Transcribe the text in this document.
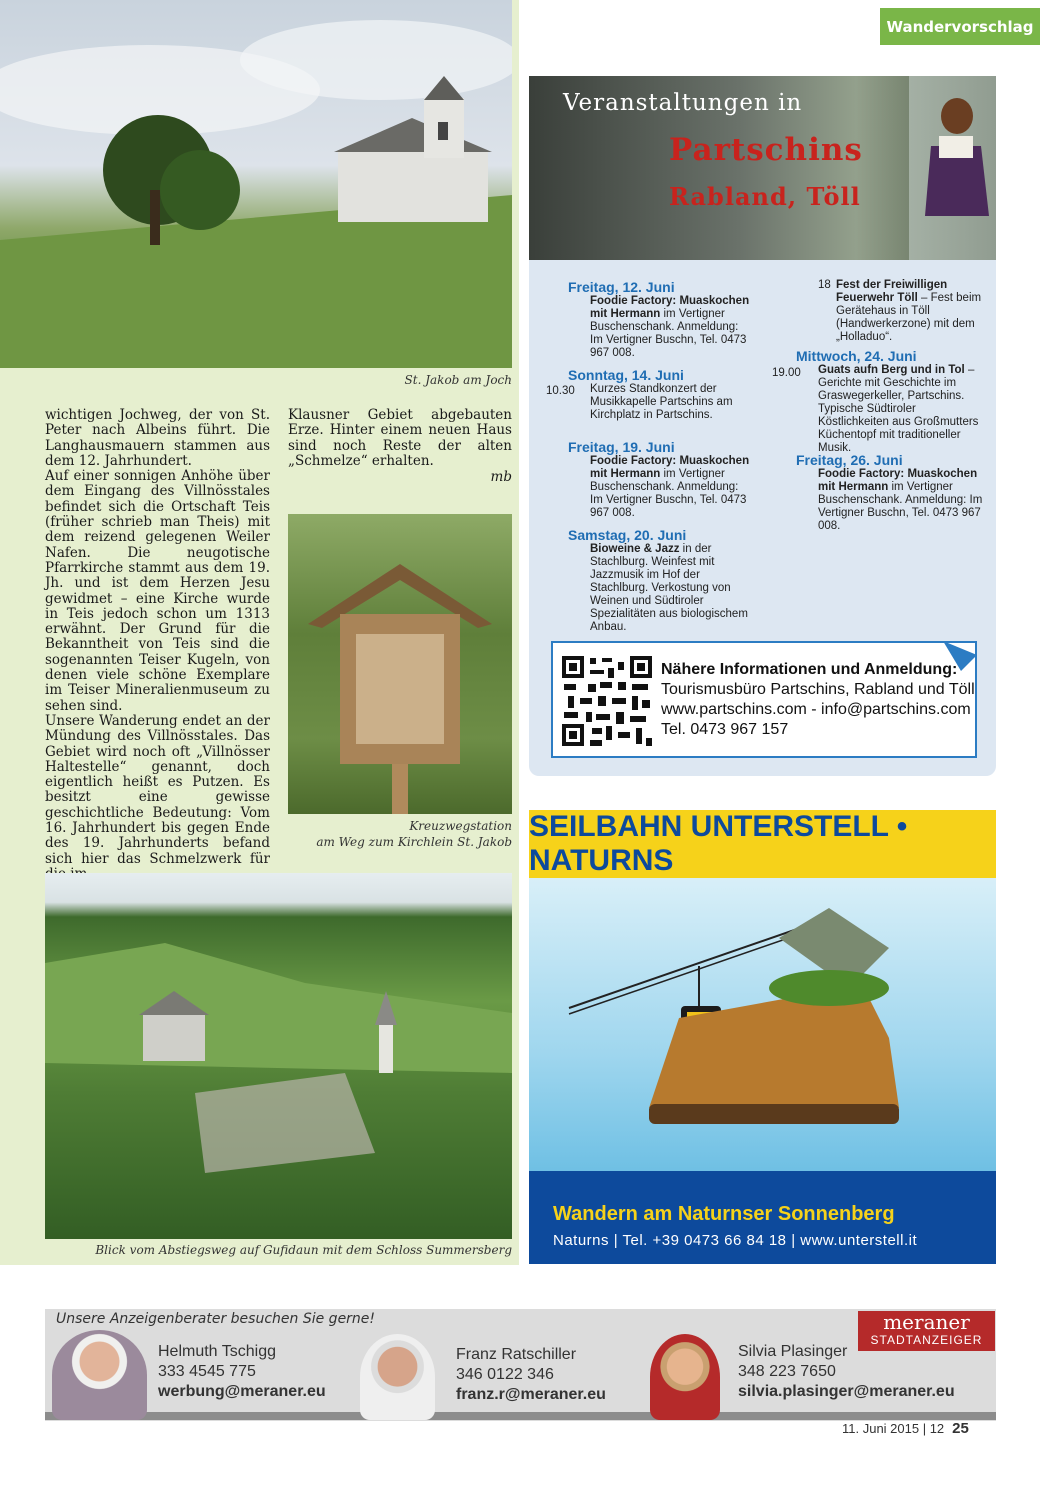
Wandervorschlag
St. Jakob am Joch

wichtigen Jochweg, der von St. Peter nach Albeins führt. Die Langhausmauern stammen aus dem 12. Jahrhundert.

Auf einer sonnigen Anhöhe über dem Eingang des Villnösstales befindet sich die Ortschaft Teis (früher schrieb man Theis) mit dem reizend gelegenen Weiler Nafen. Die neugotische Pfarrkirche stammt aus dem 19. Jh. und ist dem Herzen Jesu gewidmet – eine Kirche wurde in Teis jedoch schon um 1313 erwähnt. Der Grund für die Bekanntheit von Teis sind die sogenannten Teiser Kugeln, von denen viele schöne Exemplare im Teiser Mineralienmuseum zu sehen sind.

Unsere Wanderung endet an der Mündung des Villnösstales. Das Gebiet wird noch oft „Villnösser Haltestelle“ genannt, doch eigentlich heißt es Putzen. Es besitzt eine gewisse geschichtliche Bedeutung: Vom 16. Jahrhundert bis gegen Ende des 19. Jahrhunderts befand sich hier das Schmelzwerk für

Klausner Gebiet abgebauten Erze. Hinter einem neuen Haus sind noch Reste der alten „Schmelze“ erhalten.

mb

Kreuzwegstation
am Weg zum Kirchlein St. Jakob
Blick vom Abstiegsweg auf Gufidaun mit dem Schloss Summersberg
Veranstaltungen in
Partschins
Rabland, Töll
Freitag, 12. Juni
Foodie Factory: Muaskochen mit Hermann im Vertigner Buschenschank. Anmeldung: Im Vertigner Buschn, Tel. 0473 967 008.
Sonntag, 14. Juni
Kurzes Standkonzert der Musikkapelle Partschins am Kirchplatz in Partschins.
10.30
Freitag, 19. Juni
Foodie Factory: Muaskochen mit Hermann im Vertigner Buschenschank. Anmeldung: Im Vertigner Buschn, Tel. 0473 967 008.
Samstag, 20. Juni
Bioweine & Jazz in der Stachlburg. Weinfest mit Jazzmusik im Hof der Stachlburg. Verkostung von Weinen und Südtiroler Spezialitäten aus biologischem Anbau.
18 Fest der Freiwilligen Feuerwehr Töll – Fest beim Gerätehaus in Töll (Handwerkerzone) mit dem „Holladuo“.
Mittwoch, 24. Juni
Guats aufn Berg und in Tol – Gerichte mit Geschichte im Graswegerkeller, Partschins. Typische Südtiroler Köstlichkeiten aus Großmutters Küchentopf mit traditioneller Musik.
19.00
Freitag, 26. Juni
Foodie Factory: Muaskochen mit Hermann im Vertigner Buschenschank. Anmeldung: Im Vertigner Buschn, Tel. 0473 967 008.
Nähere Informationen und Anmeldung:
Tourismusbüro Partschins, Rabland und Töll
www.partschins.com - info@partschins.com
Tel. 0473 967 157
SEILBAHN UNTERSTELL • NATURNS
Wandern am Naturnser Sonnenberg
Naturns | Tel. +39 0473 66 84 18 | www.unterstell.it
Unsere Anzeigenberater besuchen Sie gerne!	meraner
STADTANZEIGER
Helmuth Tschigg
333 4545 775
werbung@meraner.eu
Franz Ratschiller
346 0122 346
franz.r@meraner.eu
Silvia Plasinger
348 223 7650
silvia.plasinger@meraner.eu
11. Juni 2015 | 12 25
